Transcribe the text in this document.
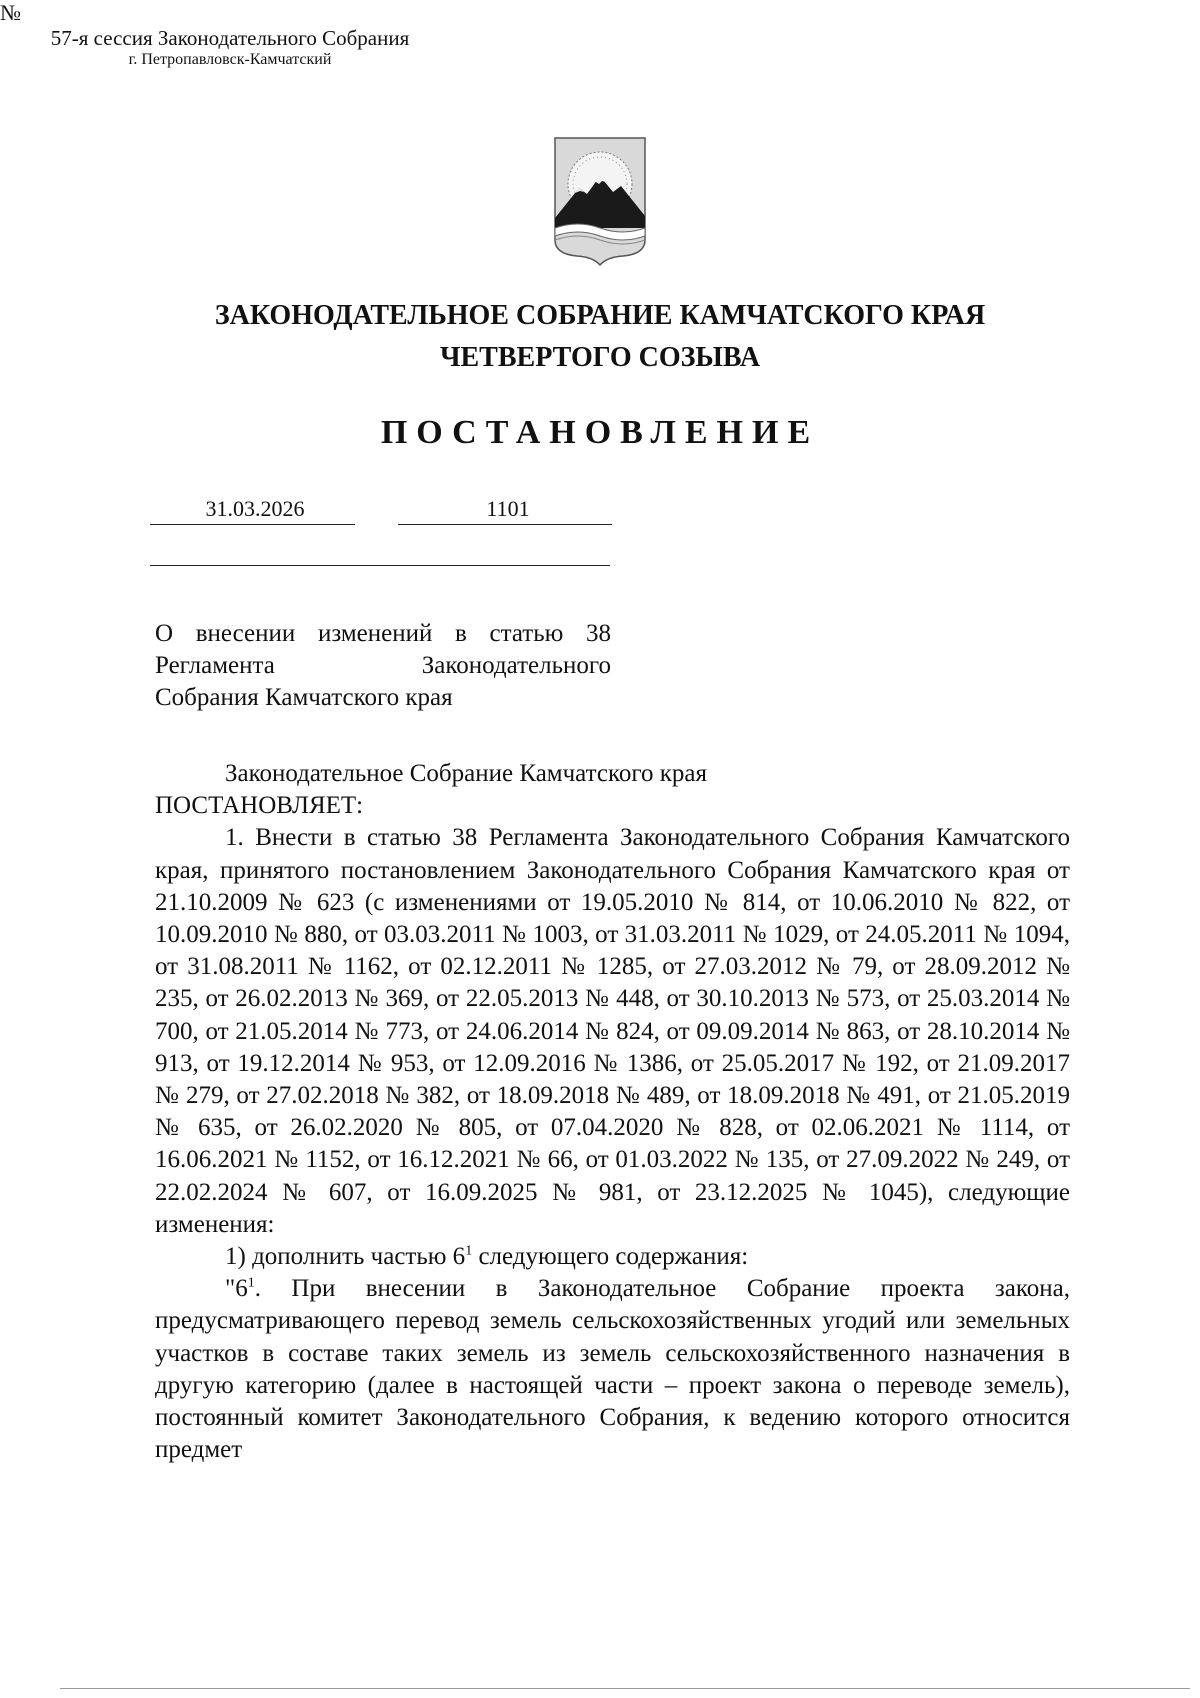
ЗАКОНОДАТЕЛЬНОЕ СОБРАНИЕ КАМЧАТСКОГО КРАЯ
ЧЕТВЕРТОГО СОЗЫВА
ПОСТАНОВЛЕНИЕ
31.03.2026
№
1101
57-я сессия Законодательного Собрания
г. Петропавловск-Камчатский
О внесении изменений в статью 38
Регламента Законодательного
Собрания Камчатского края

Законодательное Собрание Камчатского края

ПОСТАНОВЛЯЕТ:

1. Внести в статью 38 Регламента Законодательного Собрания Камчатского края, принятого постановлением Законодательного Собрания Камчатского края от 21.10.2009 № 623 (с изменениями от 19.05.2010 № 814, от 10.06.2010 № 822, от 10.09.2010 № 880, от 03.03.2011 № 1003, от 31.03.2011 № 1029, от 24.05.2011 № 1094, от 31.08.2011 № 1162, от 02.12.2011 № 1285, от 27.03.2012 № 79, от 28.09.2012 № 235, от 26.02.2013 № 369, от 22.05.2013 № 448, от 30.10.2013 № 573, от 25.03.2014 № 700, от 21.05.2014 № 773, от 24.06.2014 № 824, от 09.09.2014 № 863, от 28.10.2014 № 913, от 19.12.2014 № 953, от 12.09.2016 № 1386, от 25.05.2017 № 192, от 21.09.2017 № 279, от 27.02.2018 № 382, от 18.09.2018 № 489, от 18.09.2018 № 491, от 21.05.2019 № 635, от 26.02.2020 № 805, от 07.04.2020 № 828, от 02.06.2021 № 1114, от 16.06.2021 № 1152, от 16.12.2021 № 66, от 01.03.2022 № 135, от 27.09.2022 № 249, от 22.02.2024 № 607, от 16.09.2025 № 981, от 23.12.2025 № 1045), следующие изменения:

1) дополнить частью $6^1$ следующего содержания:

"$6^1$. При внесении в Законодательное Собрание проекта закона, предусматривающего перевод земель сельскохозяйственных угодий или земельных участков в составе таких земель из земель сельскохозяйственного назначения в другую категорию (далее в настоящей части – проект закона о переводе земель), постоянный комитет Законодательного Собрания, к ведению которого относится предмет
